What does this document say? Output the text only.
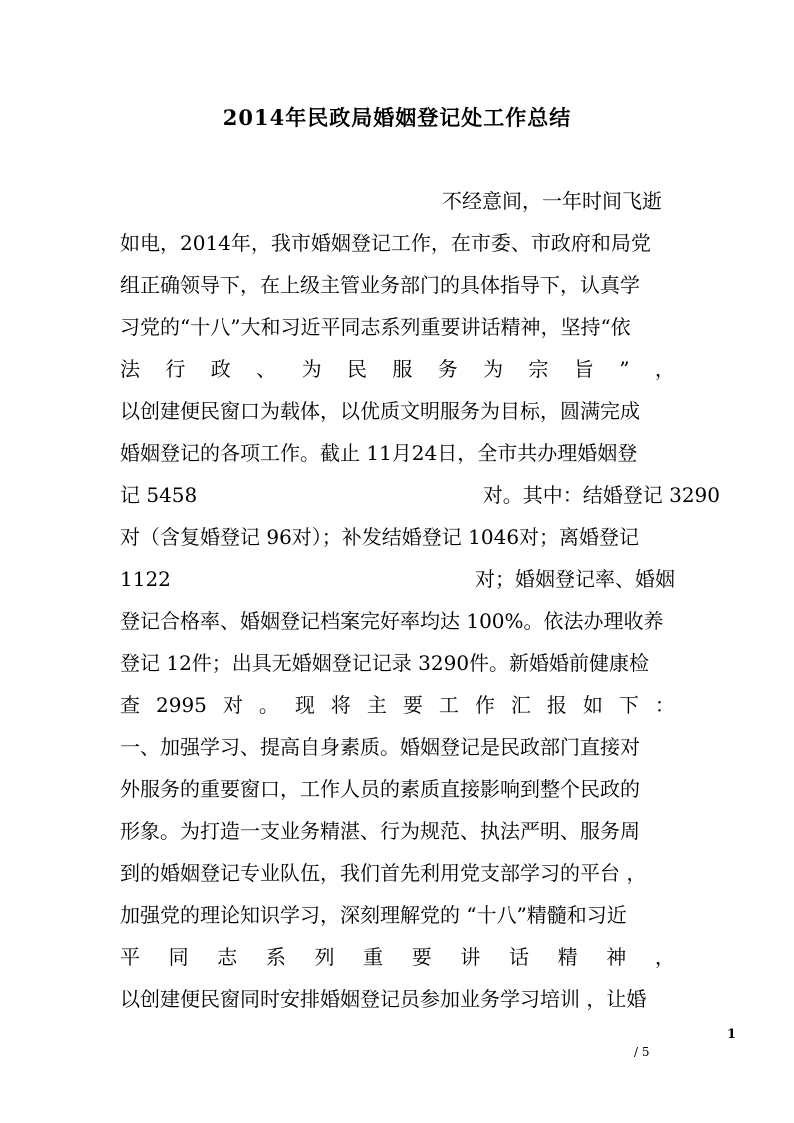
2014年民政局婚姻登记处工作总结
不经意间，一年时间飞逝
如电，2014年，我市婚姻登记工作，在市委、市政府和局党
组正确领导下，在上级主管业务部门的具体指导下，认真学
习党的“十八”大和习近平同志系列重要讲话精神，坚持“依
法 行 政 、 为 民 服 务 为 宗 旨 ” ，
以创建便民窗口为载体，以优质文明服务为目标，圆满完成
婚姻登记的各项工作。截止 11月24日，全市共办理婚姻登
记 5458	对。其中：结婚登记 3290
对（含复婚登记 96对）；补发结婚登记 1046对；离婚登记
1122	对；婚姻登记率、婚姻
登记合格率、婚姻登记档案完好率均达 100%。依法办理收养
登记 12件；出具无婚姻登记记录 3290件。新婚婚前健康检
查 2995 对 。 现 将 主 要 工 作 汇 报 如 下 ：
一、加强学习、提高自身素质。婚姻登记是民政部门直接对
外服务的重要窗口，工作人员的素质直接影响到整个民政的
形象。为打造一支业务精湛、行为规范、执法严明、服务周
到的婚姻登记专业队伍，我们首先利用党支部学习的平台 ，
加强党的理论知识学习，深刻理解党的 “十八”精髓和习近
平 同 志 系 列 重 要 讲 话 精 神 ，
以创建便民窗同时安排婚姻登记员参加业务学习培训 ，让婚
1
/ 5
